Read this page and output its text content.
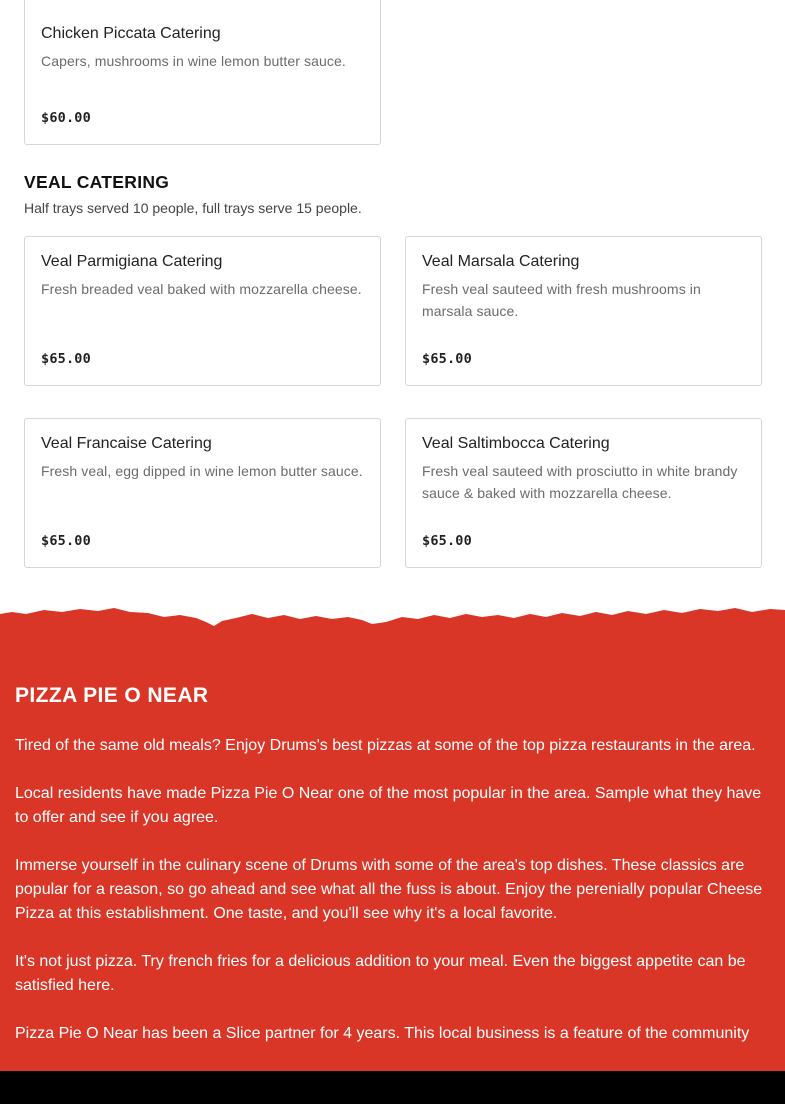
Chicken Piccata Catering
Capers, mushrooms in wine lemon butter sauce.
$60.00
VEAL CATERING
Half trays served 10 people, full trays serve 15 people.
Veal Parmigiana Catering
Fresh breaded veal baked with mozzarella cheese.
$65.00
Veal Marsala Catering
Fresh veal sauteed with fresh mushrooms in marsala sauce.
$65.00
Veal Francaise Catering
Fresh veal, egg dipped in wine lemon butter sauce.
$65.00
Veal Saltimbocca Catering
Fresh veal sauteed with prosciutto in white brandy sauce & baked with mozzarella cheese.
$65.00
PIZZA PIE O NEAR

Tired of the same old meals? Enjoy Drums's best pizzas at some of the top pizza restaurants in the area.

Local residents have made Pizza Pie O Near one of the most popular in the area. Sample what they have to offer and see if you agree.

Immerse yourself in the culinary scene of Drums with some of the area's top dishes. These classics are popular for a reason, so go ahead and see what all the fuss is about. Enjoy the perenially popular Cheese Pizza at this establishment. One taste, and you'll see why it's a local favorite.

It's not just pizza. Try french fries for a delicious addition to your meal. Even the biggest appetite can be satisfied here.

Pizza Pie O Near has been a Slice partner for 4 years. This local business is a feature of the community
